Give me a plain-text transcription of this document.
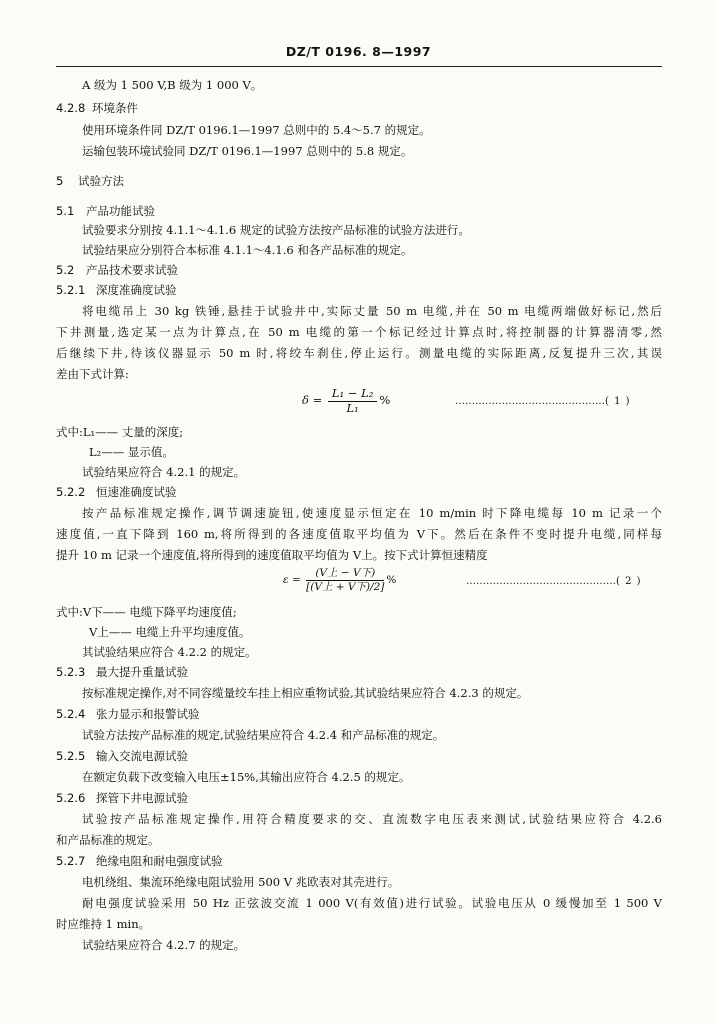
DZ/T 0196. 8—1997
A 级为 1 500 V,B 级为 1 000 V。
4.2.8 环境条件
使用环境条件同 DZ/T 0196.1—1997 总则中的 5.4～5.7 的规定。
运输包装环境试验同 DZ/T 0196.1—1997 总则中的 5.8 规定。
5 试验方法
5.1 产品功能试验
试验要求分别按 4.1.1～4.1.6 规定的试验方法按产品标准的试验方法进行。
试验结果应分别符合本标准 4.1.1～4.1.6 和各产品标准的规定。
5.2 产品技术要求试验
5.2.1 深度准确度试验
将电缆吊上 30 kg 铁锤,悬挂于试验井中,实际丈量 50 m 电缆,并在 50 m 电缆两端做好标记,然后
下井测量,选定某一点为计算点,在 50 m 电缆的第一个标记经过计算点时,将控制器的计算器清零,然
后继续下井,待该仪器显示 50 m 时,将绞车刹住,停止运行。测量电缆的实际距离,反复提升三次,其误
差由下式计算:
$\delta = \frac{\text{L₁ − L₂}}{\text{L₁}}$ %	………………………………………( 1 )
式中:L₁—— 丈量的深度;
L₂—— 显示值。
试验结果应符合 4.2.1 的规定。
5.2.2 恒速准确度试验
按产品标准规定操作,调节调速旋钮,使速度显示恒定在 10 m/min 时下降电缆每 10 m 记录一个
速度值,一直下降到 160 m,将所得到的各速度值取平均值为 V下。然后在条件不变时提升电缆,同样每
提升 10 m 记录一个速度值,将所得到的速度值取平均值为 V上。按下式计算恒速精度
$\varepsilon = \frac{\text{(V上 − V下)}}{\text{[(V上 + V下)/2]}}$ %	………………………………………( 2 )
式中:V下—— 电缆下降平均速度值;
V上—— 电缆上升平均速度值。
其试验结果应符合 4.2.2 的规定。
5.2.3 最大提升重量试验
按标准规定操作,对不同容缆量绞车挂上相应重物试验,其试验结果应符合 4.2.3 的规定。
5.2.4 张力显示和报警试验
试验方法按产品标准的规定,试验结果应符合 4.2.4 和产品标准的规定。
5.2.5 输入交流电源试验
在额定负载下改变输入电压±15%,其输出应符合 4.2.5 的规定。
5.2.6 探管下井电源试验
试验按产品标准规定操作,用符合精度要求的交、直流数字电压表来测试,试验结果应符合 4.2.6
和产品标准的规定。
5.2.7 绝缘电阻和耐电强度试验
电机绕组、集流环绝缘电阻试验用 500 V 兆欧表对其壳进行。
耐电强度试验采用 50 Hz 正弦波交流 1 000 V(有效值)进行试验。试验电压从 0 缓慢加至 1 500 V
时应维持 1 min。
试验结果应符合 4.2.7 的规定。
